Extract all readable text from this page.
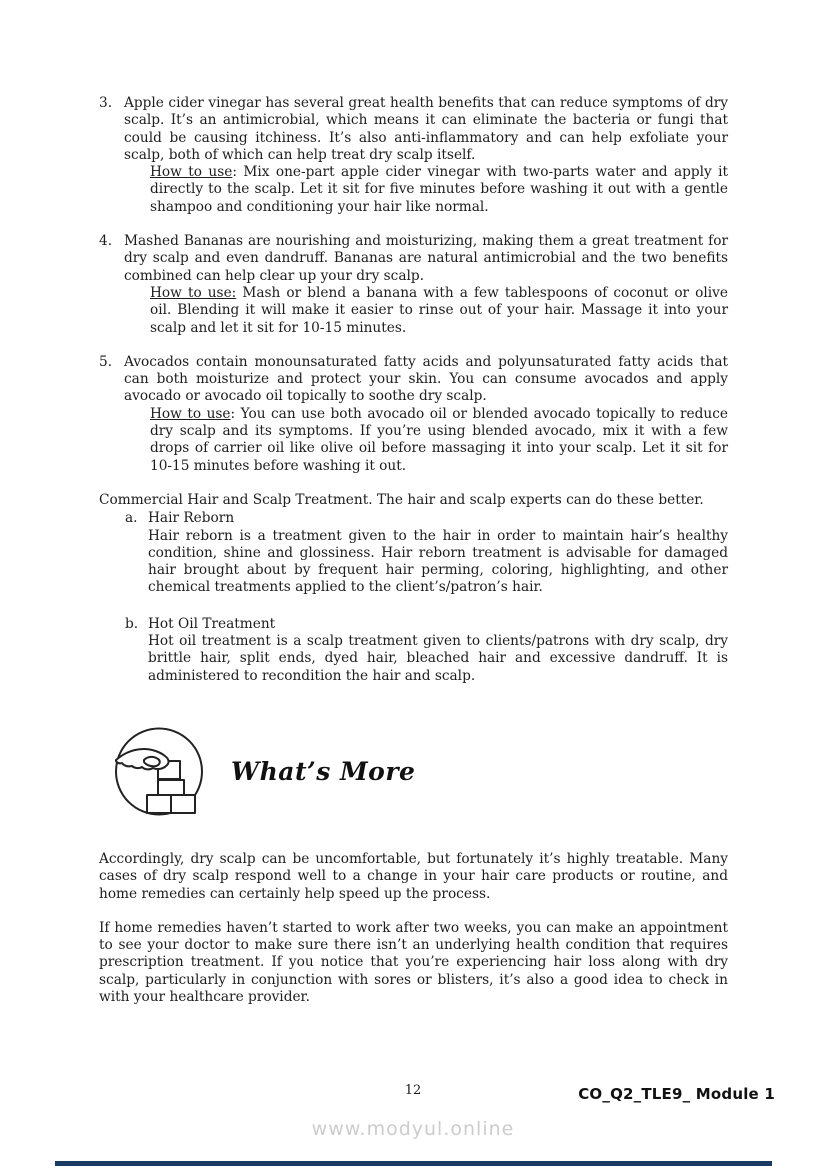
3. Apple cider vinegar has several great health benefits that can reduce symptoms of dry scalp. It’s an antimicrobial, which means it can eliminate the bacteria or fungi that could be causing itchiness. It’s also anti-inflammatory and can help exfoliate your scalp, both of which can help treat dry scalp itself.

How to use: Mix one-part apple cider vinegar with two-parts water and apply it directly to the scalp. Let it sit for five minutes before washing it out with a gentle shampoo and conditioning your hair like normal.

4. Mashed Bananas are nourishing and moisturizing, making them a great treatment for dry scalp and even dandruff. Bananas are natural antimicrobial and the two benefits combined can help clear up your dry scalp.

How to use: Mash or blend a banana with a few tablespoons of coconut or olive oil. Blending it will make it easier to rinse out of your hair. Massage it into your scalp and let it sit for 10-15 minutes.

5. Avocados contain monounsaturated fatty acids and polyunsaturated fatty acids that can both moisturize and protect your skin. You can consume avocados and apply avocado or avocado oil topically to soothe dry scalp.

How to use: You can use both avocado oil or blended avocado topically to reduce dry scalp and its symptoms. If you’re using blended avocado, mix it with a few drops of carrier oil like olive oil before massaging it into your scalp. Let it sit for 10-15 minutes before washing it out.

Commercial Hair and Scalp Treatment. The hair and scalp experts can do these better.

a. Hair Reborn

Hair reborn is a treatment given to the hair in order to maintain hair’s healthy condition, shine and glossiness. Hair reborn treatment is advisable for damaged hair brought about by frequent hair perming, coloring, highlighting, and other chemical treatments applied to the client’s/patron’s hair.

b. Hot Oil Treatment

Hot oil treatment is a scalp treatment given to clients/patrons with dry scalp, dry brittle hair, split ends, dyed hair, bleached hair and excessive dandruff. It is administered to recondition the hair and scalp.

What’s More

Accordingly, dry scalp can be uncomfortable, but fortunately it’s highly treatable. Many cases of dry scalp respond well to a change in your hair care products or routine, and home remedies can certainly help speed up the process.

If home remedies haven’t started to work after two weeks, you can make an appointment to see your doctor to make sure there isn’t an underlying health condition that requires prescription treatment. If you notice that you’re experiencing hair loss along with dry scalp, particularly in conjunction with sores or blisters, it’s also a good idea to check in with your healthcare provider.

12	CO_Q2_TLE9_ Module 1
www.modyul.online
